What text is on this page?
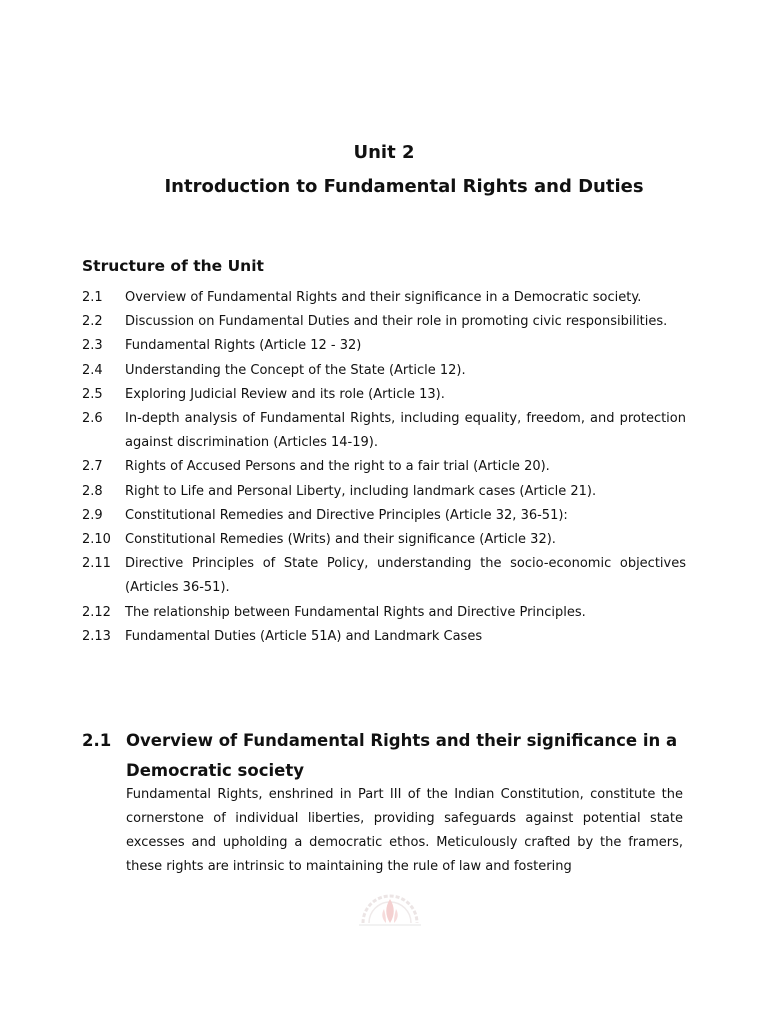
Unit 2
Introduction to Fundamental Rights and Duties
Structure of the Unit
2.1	Overview of Fundamental Rights and their significance in a Democratic society.
2.2	Discussion on Fundamental Duties and their role in promoting civic responsibilities.
2.3	Fundamental Rights (Article 12 - 32)
2.4	Understanding the Concept of the State (Article 12).
2.5	Exploring Judicial Review and its role (Article 13).
2.6	In-depth analysis of Fundamental Rights, including equality, freedom, and protection against discrimination (Articles 14-19).
2.7	Rights of Accused Persons and the right to a fair trial (Article 20).
2.8	Right to Life and Personal Liberty, including landmark cases (Article 21).
2.9	Constitutional Remedies and Directive Principles (Article 32, 36-51):
2.10	Constitutional Remedies (Writs) and their significance (Article 32).
2.11	Directive Principles of State Policy, understanding the socio-economic objectives (Articles 36-51).
2.12	The relationship between Fundamental Rights and Directive Principles.
2.13	Fundamental Duties (Article 51A) and Landmark Cases
2.1 Overview of Fundamental Rights and their significance in a Democratic society

Fundamental Rights, enshrined in Part III of the Indian Constitution, constitute the cornerstone of individual liberties, providing safeguards against potential state excesses and upholding a democratic ethos. Meticulously crafted by the framers, these rights are intrinsic to maintaining the rule of law and fostering
